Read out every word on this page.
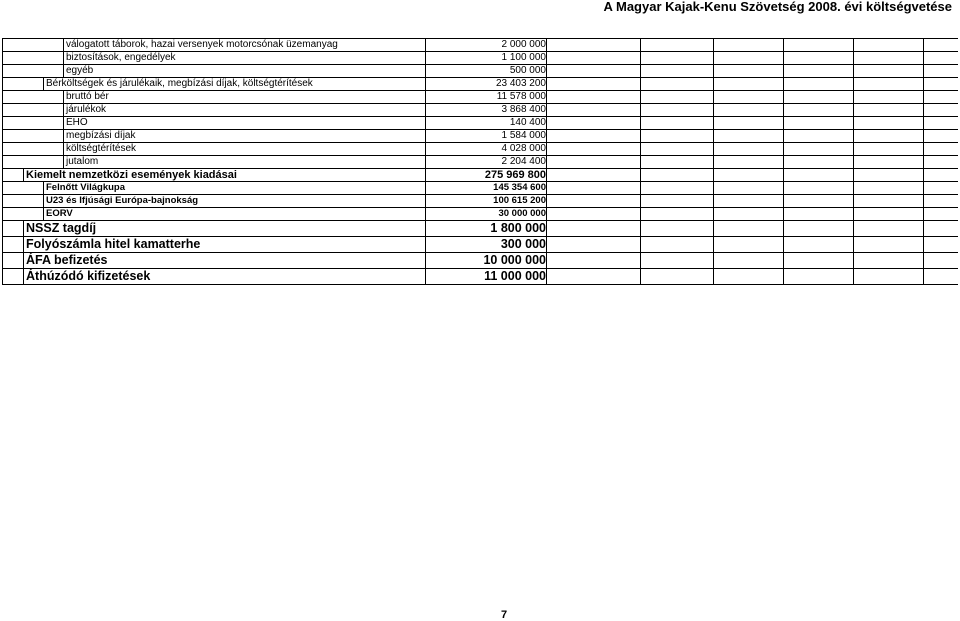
A Magyar Kajak-Kenu Szövetség 2008. évi költségvetése
válogatott táborok, hazai versenyek motorcsónak üzemanyag	2 000 000
biztosítások, engedélyek	1 100 000
egyéb	500 000
Bérköltségek és járulékaik, megbízási díjak, költségtérítések	23 403 200
bruttó bér	11 578 000
járulékok	3 868 400
EHO	140 400
megbízási díjak	1 584 000
költségtérítések	4 028 000
jutalom	2 204 400
Kiemelt nemzetközi események kiadásai	275 969 800
Felnőtt Világkupa	145 354 600
U23 és Ifjúsági Európa-bajnokság	100 615 200
EORV	30 000 000
NSSZ tagdíj	1 800 000
Folyószámla hitel kamatterhe	300 000
ÁFA befizetés	10 000 000
Áthúzódó kifizetések	11 000 000
7
